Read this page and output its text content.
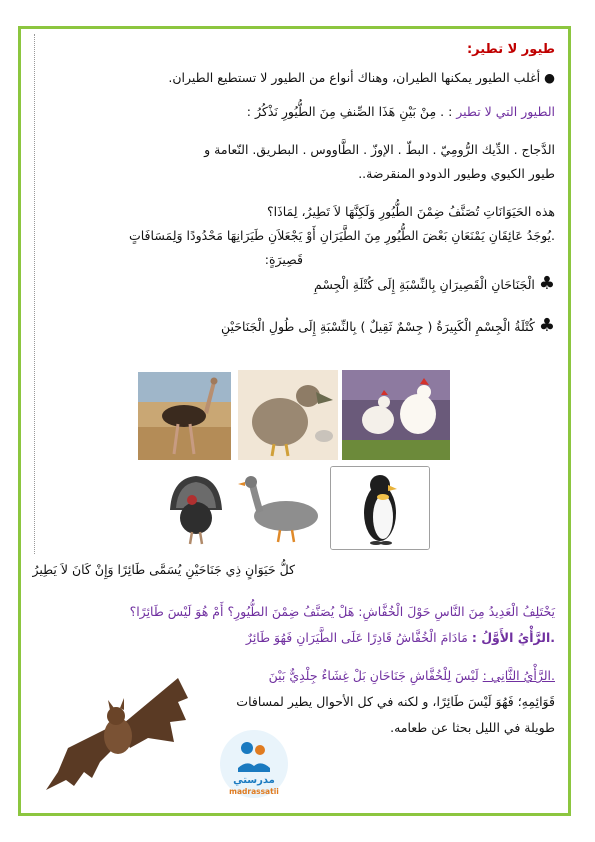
طيور لا تطير:
● أغلب الطيور يمكنها الطيران، وهناك أنواع من الطيور لا تستطيع الطيران.
الطيور التي لا تطير : . مِنْ بَيْنِ هَذَا الصِّنفِ مِنَ الطُّيُورِ نَذْكُرُ :
الدَّجاج . الدِّيك الرُّومِيّ . البطّ . الإوزّ . الطَّاووس . البطريق. النّعامة و
طيور الكيوي وطيور الدودو المنقرضة..
هذه الحَيَوَانَاتِ تُصَنَّفُ ضِمْنَ الطُّيُورِ وَلَكِنَّهَا لاَ تَطِيرُ، لِمَاذَا؟
.يُوجَدُ عَائِقَانِ يَمْنَعَانِ بَعْضَ الطُّيُورِ مِنَ الطَّيَرَانِ أَوْ يَجْعَلاَنِ طَيَرَانِهَا مَحْدُودًا وَلِمَسَافَاتٍ
قَصِيرَةٍ:
♣ الْجَنَاحَانِ الْقَصِيرَانِ بِالنِّسْبَةِ إِلَى كُتْلَةِ الْجِسْمِ
♣ كُتْلَةُ الْجِسْمِ الْكَبِيرَةُ ( جِسْمٌ ثَقِيلٌ ) بِالنِّسْبَةِ إِلَى طُولِ الْجَنَاحَيْنِ
كلُّ حَيَوَانٍ ذِي جَنَاحَيْنِ يُسَمَّى طَائِرًا وَإِنْ كَانَ لاَ يَطِيرُ
يَخْتَلِفُ الْعَدِيدُ مِنَ النَّاسِ حَوْلَ الْخُفَّاشِ: هَلْ يُصَنَّفُ ضِمْنَ الطُّيُورِ؟ أَمْ هُوَ لَيْسَ طَائِرًا؟
.الرَّأْيُ الأَوَّلُ : مَادَامَ الْخُفَّاشُ قَادِرًا عَلَى الطَّيَرَانِ فَهُوَ طَائِرٌ
.الرَّأْيُ الثَّانِي : لَيْسَ لِلْخُفَّاشِ جَنَاحَانِ بَلْ غِشَاءٌ جِلْدِيٌّ بَيْنَ
قَوَائِمِهِ؛ فَهُوَ لَيْسَ طَائِرًا، و لكنه في كل الأحوال يطير لمسافات
طويلة في الليل بحثا عن طعامه.
مدرستي
madrassatii
